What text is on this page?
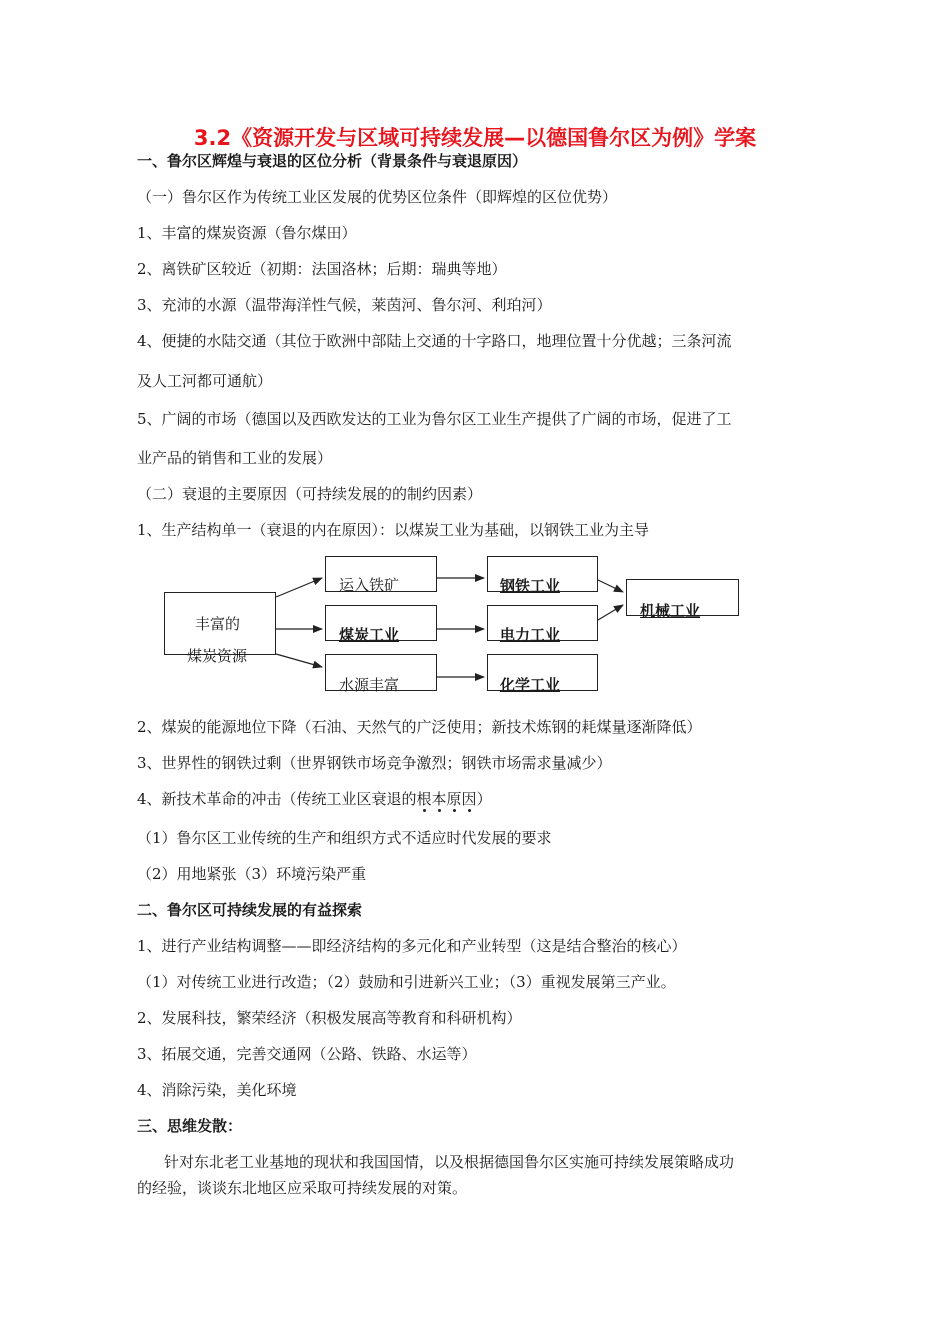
3.2《资源开发与区域可持续发展—以德国鲁尔区为例》学案
一、鲁尔区辉煌与衰退的区位分析（背景条件与衰退原因）
（一）鲁尔区作为传统工业区发展的优势区位条件（即辉煌的区位优势）
1、丰富的煤炭资源（鲁尔煤田）
2、离铁矿区较近（初期：法国洛林；后期：瑞典等地）
3、充沛的水源（温带海洋性气候，莱茵河、鲁尔河、利珀河）
4、便捷的水陆交通（其位于欧洲中部陆上交通的十字路口，地理位置十分优越；三条河流
及人工河都可通航）
5、广阔的市场（德国以及西欧发达的工业为鲁尔区工业生产提供了广阔的市场，促进了工
业产品的销售和工业的发展）
（二）衰退的主要原因（可持续发展的的制约因素）
1、生产结构单一（衰退的内在原因）：以煤炭工业为基础，以钢铁工业为主导
丰富的
煤炭资源
运入铁矿
煤炭工业
水源丰富
钢铁工业
电力工业
化学工业
机械工业
2、煤炭的能源地位下降（石油、天然气的广泛使用；新技术炼钢的耗煤量逐渐降低）
3、世界性的钢铁过剩（世界钢铁市场竞争激烈；钢铁市场需求量减少）
4、新技术革命的冲击（传统工业区衰退的根本原因
）
（1）鲁尔区工业传统的生产和组织方式不适应时代发展的要求
（2）用地紧张（3）环境污染严重
二、鲁尔区可持续发展的有益探索
1、进行产业结构调整——即经济结构的多元化和产业转型（这是结合整治的核心）
（1）对传统工业进行改造；（2）鼓励和引进新兴工业；（3）重视发展第三产业。
2、发展科技，繁荣经济（积极发展高等教育和科研机构）
3、拓展交通，完善交通网（公路、铁路、水运等）
4、消除污染，美化环境
三、思维发散：
针对东北老工业基地的现状和我国国情，以及根据德国鲁尔区实施可持续发展策略成功
的经验，谈谈东北地区应采取可持续发展的对策。
